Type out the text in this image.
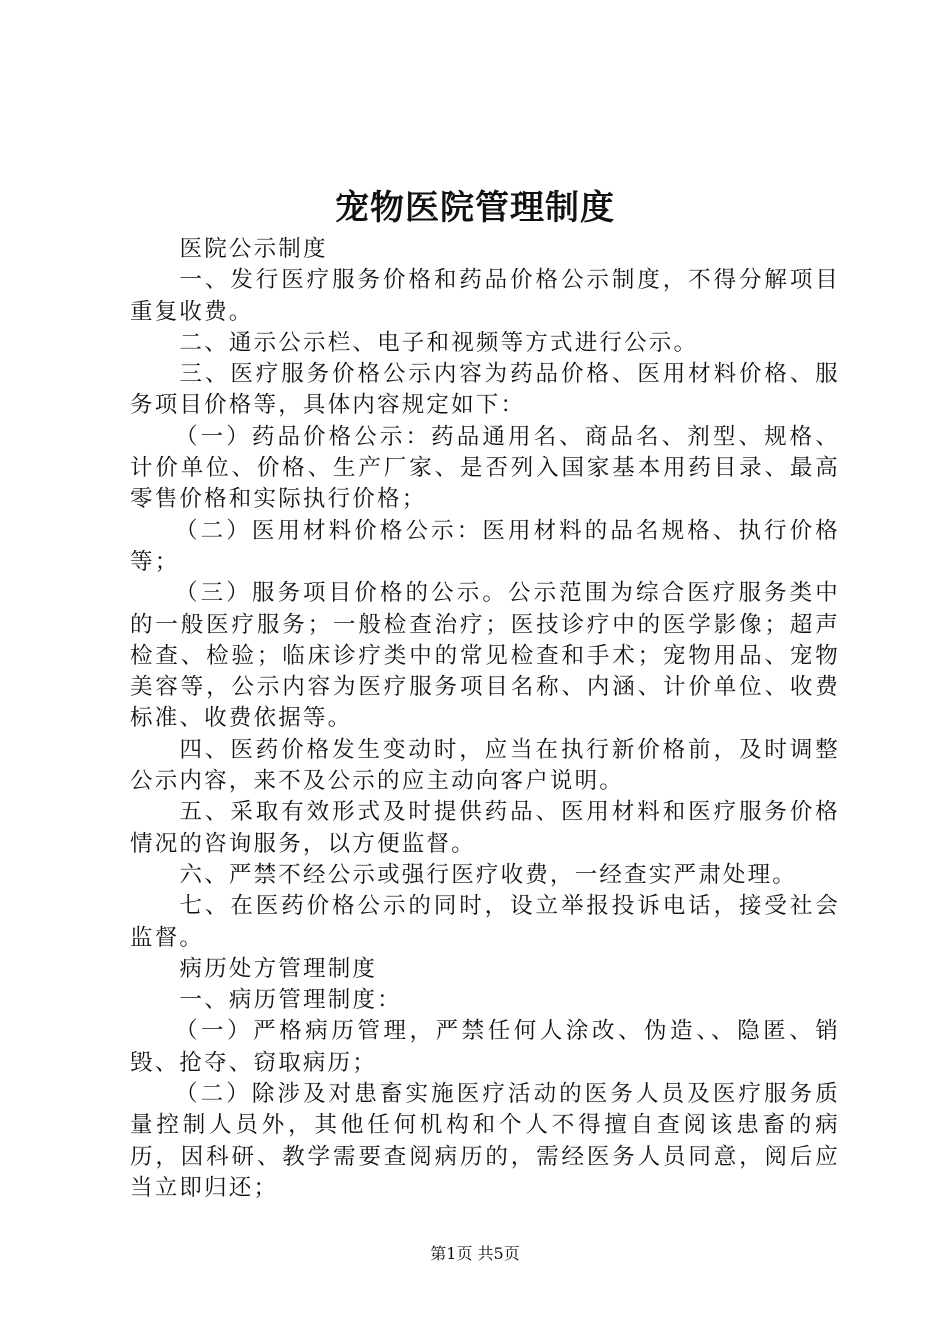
宠物医院管理制度

医院公示制度

一、发行医疗服务价格和药品价格公示制度，不得分解项目重复收费。

二、通示公示栏、电子和视频等方式进行公示。

三、医疗服务价格公示内容为药品价格、医用材料价格、服务项目价格等，具体内容规定如下：

（一）药品价格公示：药品通用名、商品名、剂型、规格、计价单位、价格、生产厂家、是否列入国家基本用药目录、最高零售价格和实际执行价格；

（二）医用材料价格公示：医用材料的品名规格、执行价格等；

（三）服务项目价格的公示。公示范围为综合医疗服务类中的一般医疗服务；一般检查治疗；医技诊疗中的医学影像；超声检查、检验；临床诊疗类中的常见检查和手术；宠物用品、宠物美容等，公示内容为医疗服务项目名称、内涵、计价单位、收费标准、收费依据等。

四、医药价格发生变动时，应当在执行新价格前，及时调整公示内容，来不及公示的应主动向客户说明。

五、采取有效形式及时提供药品、医用材料和医疗服务价格情况的咨询服务，以方便监督。

六、严禁不经公示或强行医疗收费，一经查实严肃处理。

七、在医药价格公示的同时，设立举报投诉电话，接受社会监督。

病历处方管理制度

一、病历管理制度：

（一）严格病历管理，严禁任何人涂改、伪造、、隐匿、销毁、抢夺、窃取病历；

（二）除涉及对患畜实施医疗活动的医务人员及医疗服务质量控制人员外，其他任何机构和个人不得擅自查阅该患畜的病历，因科研、教学需要查阅病历的，需经医务人员同意，阅后应当立即归还；

第1页 共5页
